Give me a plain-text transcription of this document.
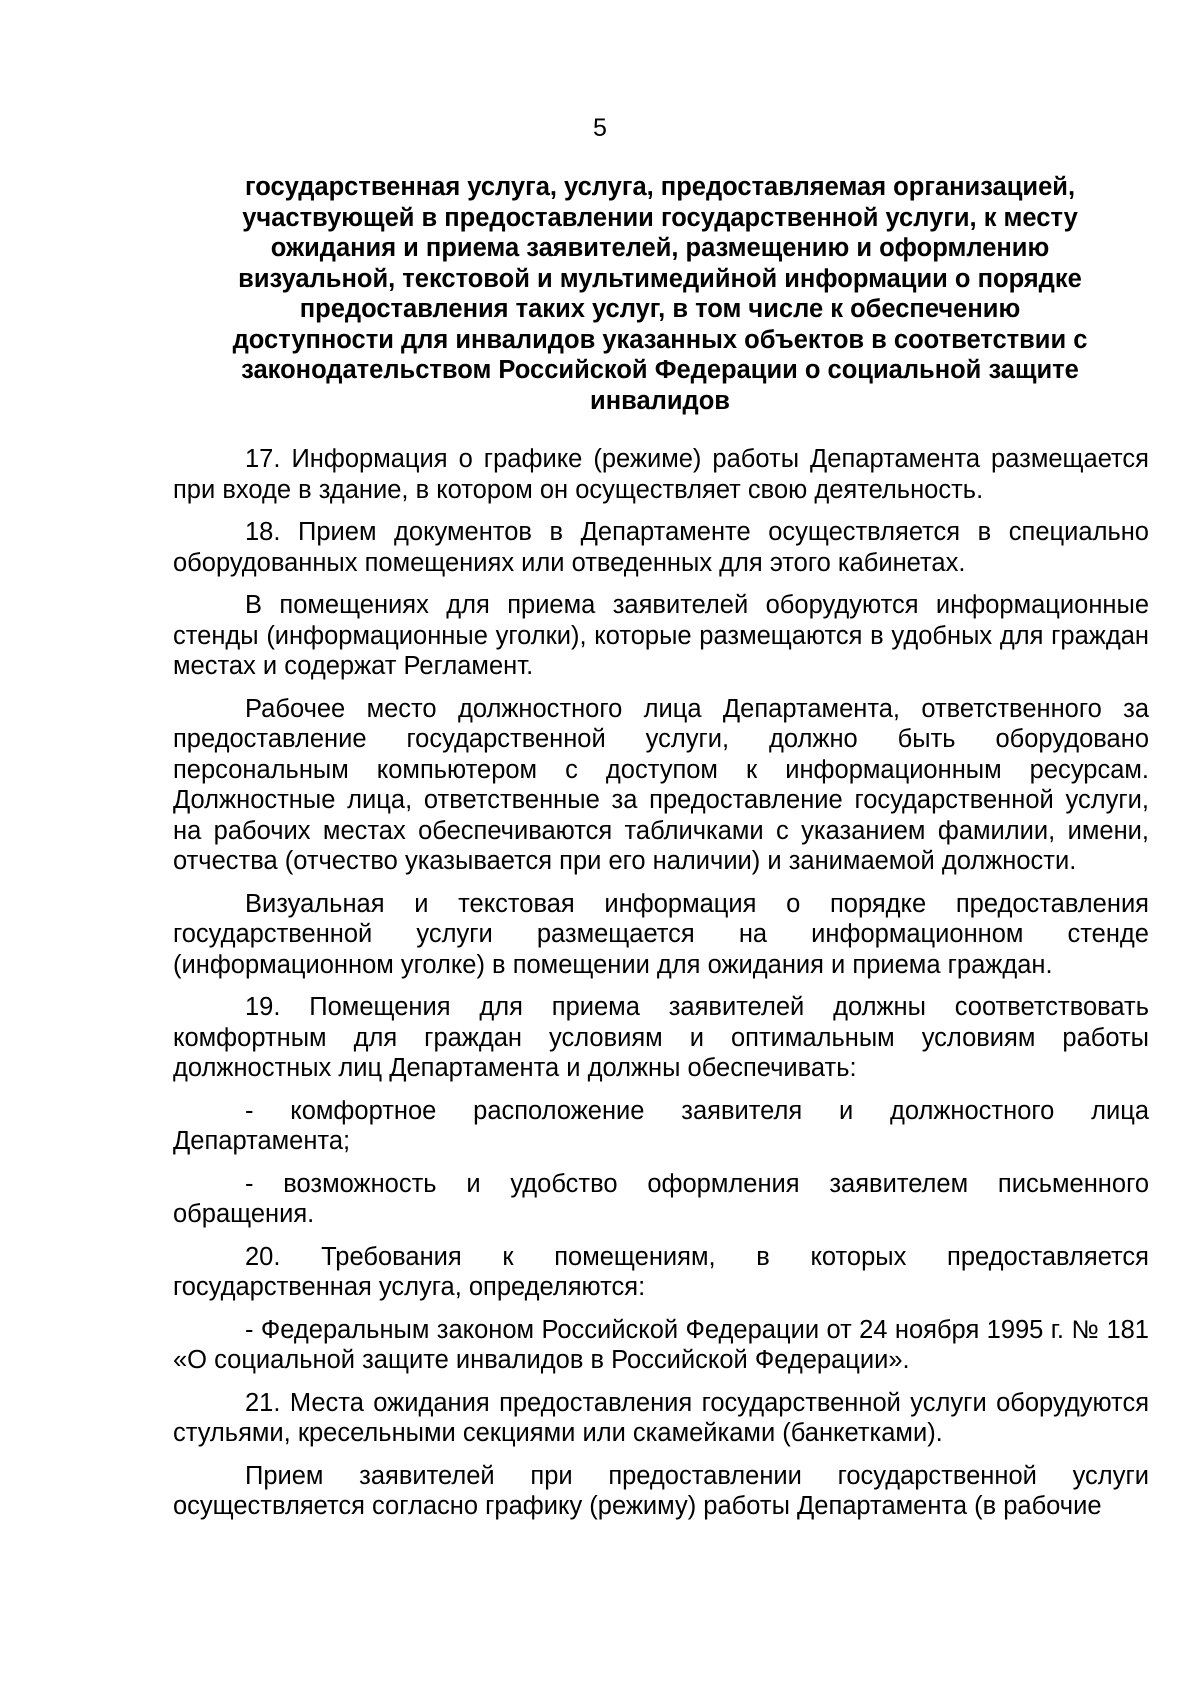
5
государственная услуга, услуга, предоставляемая организацией, участвующей в предоставлении государственной услуги, к месту ожидания и приема заявителей, размещению и оформлению визуальной, текстовой и мультимедийной информации о порядке предоставления таких услуг, в том числе к обеспечению доступности для инвалидов указанных объектов в соответствии с законодательством Российской Федерации о социальной защите инвалидов

17. Информация о графике (режиме) работы Департамента размещается при входе в здание, в котором он осуществляет свою деятельность.

18. Прием документов в Департаменте осуществляется в специально оборудованных помещениях или отведенных для этого кабинетах.

В помещениях для приема заявителей оборудуются информационные стенды (информационные уголки), которые размещаются в удобных для граждан местах и содержат Регламент.

Рабочее место должностного лица Департамента, ответственного за предоставление государственной услуги, должно быть оборудовано персональным компьютером с доступом к информационным ресурсам. Должностные лица, ответственные за предоставление государственной услуги, на рабочих местах обеспечиваются табличками с указанием фамилии, имени, отчества (отчество указывается при его наличии) и занимаемой должности.

Визуальная и текстовая информация о порядке предоставления государственной услуги размещается на информационном стенде (информационном уголке) в помещении для ожидания и приема граждан.

19. Помещения для приема заявителей должны соответствовать комфортным для граждан условиям и оптимальным условиям работы должностных лиц Департамента и должны обеспечивать:

- комфортное расположение заявителя и должностного лица Департамента;

- возможность и удобство оформления заявителем письменного обращения.

20. Требования к помещениям, в которых предоставляется государственная услуга, определяются:

- Федеральным законом Российской Федерации от 24 ноября 1995 г. № 181 «О социальной защите инвалидов в Российской Федерации».

21. Места ожидания предоставления государственной услуги оборудуются стульями, кресельными секциями или скамейками (банкетками).

Прием заявителей при предоставлении государственной услуги осуществляется согласно графику (режиму) работы Департамента (в рабочие
